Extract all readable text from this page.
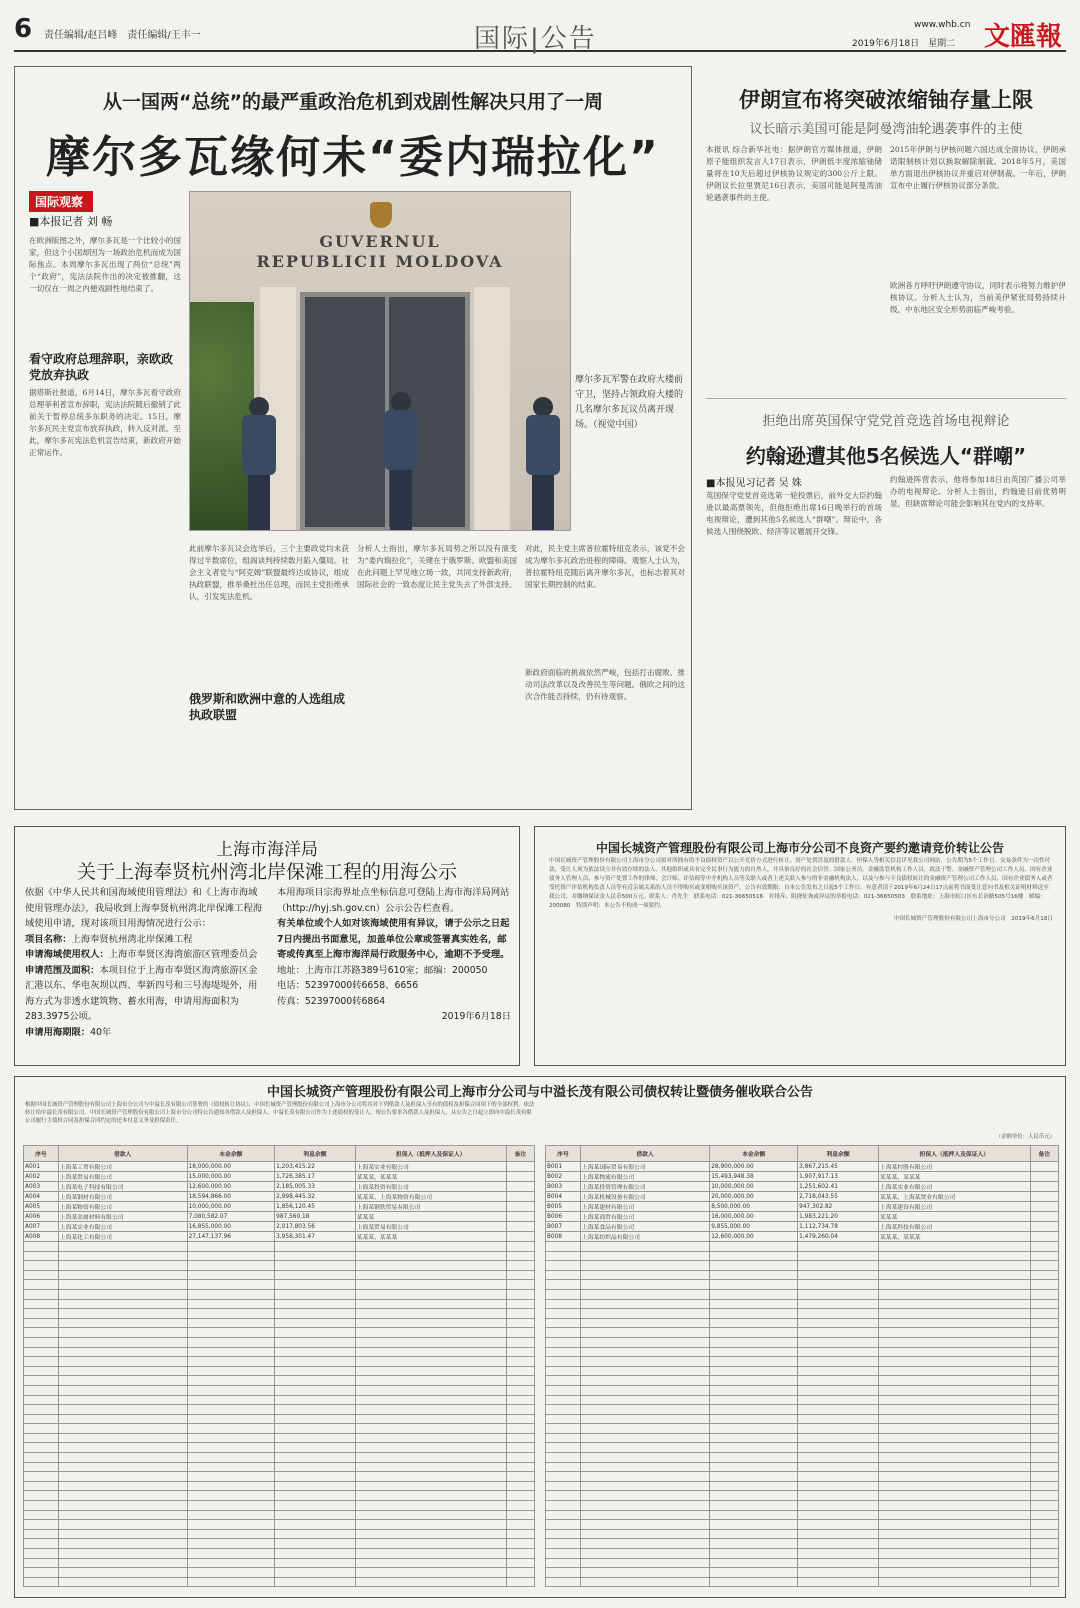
6 责任编辑/赵吕峰　责任编辑/王丰一	国际|公告	www.whb.cn
2019年6月18日　星期二 文匯報
从一国两“总统”的最严重政治危机到戏剧性解决只用了一周
摩尔多瓦缘何未“委内瑞拉化”
国际观察
■本报记者 刘 畅
GUVERNUL REPUBLICII MOLDOVA
摩尔多瓦军警在政府大楼前守卫，坚持占领政府大楼的几名摩尔多瓦议员离开现场。（视觉中国）
在欧洲版图之外，摩尔多瓦是一个比较小的国家，但这个小国却因为一场政治危机而成为国际焦点。本周摩尔多瓦出现了两位“总统”两个“政府”，宪法法院作出的决定被推翻，这一切仅在一周之内便戏剧性地结束了。
看守政府总理辞职，亲欧政党放弃执政
据塔斯社报道，6月14日，摩尔多瓦看守政府总理菲利普宣布辞职，宪法法院随后撤销了此前关于暂停总统多东职务的决定。15日，摩尔多瓦民主党宣布放弃执政，转入反对派。至此，摩尔多瓦宪法危机宣告结束，新政府开始正常运作。
此前摩尔多瓦议会选举后，三个主要政党均未获得过半数席位，组阁谈判持续数月陷入僵局。社会主义者党与“阿克姆”联盟最终达成协议，组成执政联盟，推举桑杜出任总理，而民主党拒绝承认，引发宪法危机。
俄罗斯和欧洲中意的人选组成执政联盟
分析人士指出，摩尔多瓦局势之所以没有演变为“委内瑞拉化”，关键在于俄罗斯、欧盟和美国在此问题上罕见地立场一致，共同支持新政府，国际社会的一致态度让民主党失去了外部支持。
对此，民主党主席普拉霍特纽克表示，该党不会成为摩尔多瓦政治进程的障碍。观察人士认为，普拉霍特纽克随后离开摩尔多瓦，也标志着其对国家长期控制的结束。
新政府面临的挑战依然严峻，包括打击腐败、推动司法改革以及改善民生等问题。俄欧之间的这次合作能否持续，仍有待观察。
伊朗宣布将突破浓缩铀存量上限
议长暗示美国可能是阿曼湾油轮遇袭事件的主使
本报讯 综合新华社电：据伊朗官方媒体报道，伊朗原子能组织发言人17日表示，伊朗低丰度浓缩铀储量将在10天后超过伊核协议规定的300公斤上限。伊朗议长拉里贾尼16日表示，美国可能是阿曼湾油轮遇袭事件的主使。
2015年伊朗与伊核问题六国达成全面协议，伊朗承诺限制核计划以换取解除制裁。2018年5月，美国单方面退出伊核协议并重启对伊制裁。一年后，伊朗宣布中止履行伊核协议部分条款。
欧洲各方呼吁伊朗遵守协议，同时表示将努力维护伊核协议。分析人士认为，当前美伊紧张局势持续升级，中东地区安全形势面临严峻考验。
拒绝出席英国保守党党首竞选首场电视辩论
约翰逊遭其他5名候选人“群嘲”
■本报见习记者 吴 姝
英国保守党党首竞选第一轮投票后，前外交大臣约翰逊以最高票领先，但他拒绝出席16日晚举行的首场电视辩论，遭到其他5名候选人“群嘲”。辩论中，各候选人围绕脱欧、经济等议题展开交锋。
约翰逊阵营表示，他将参加18日由英国广播公司举办的电视辩论。分析人士指出，约翰逊目前优势明显，但缺席辩论可能会影响其在党内的支持率。
上海市海洋局
关于上海奉贤杭州湾北岸保滩工程的用海公示

依据《中华人民共和国海域使用管理法》和《上海市海域使用管理办法》，我局收到上海奉贤杭州湾北岸保滩工程海域使用申请，现对该项目用海情况进行公示：

项目名称：上海奉贤杭州湾北岸保滩工程

申请海域使用权人：上海市奉贤区海湾旅游区管理委员会

申请范围及面积：本项目位于上海市奉贤区海湾旅游区金汇港以东、华电灰坝以西、奉新四号和三号海堤堤外，用海方式为非透水建筑物、蓄水用海，申请用海面积为283.3975公顷。

申请用海期限：40年

本用海项目宗海界址点坐标信息可登陆上海市海洋局网站（http://hyj.sh.gov.cn）公示公告栏查看。

有关单位或个人如对该海域使用有异议，请于公示之日起7日内提出书面意见，加盖单位公章或签署真实姓名，邮寄或传真至上海市海洋局行政服务中心，逾期不予受理。

地址：上海市江苏路389号610室；邮编：200050

电话：52397000转6658、6656

传真：52397000转6864

2019年6月18日

中国长城资产管理股份有限公司上海市分公司不良资产要约邀请竞价转让公告
中国长城资产管理股份有限公司上海市分公司拟对所拥有的不良债权资产以公开竞价方式进行转让。资产处置涉及的借款人、担保人等相关信息详见我公司网站，公告期为5个工作日。交易条件为一次性付款，受让人须为依法设立并有效存续的法人、其他组织或具有完全民事行为能力的自然人，并具备良好的社会信誉。国家公务员、金融监管机构工作人员、政法干警、金融资产管理公司工作人员、国有企业债务人管理人员、参与资产处置工作的律师、会计师、评估师等中介机构人员等关联人或者上述关联人参与的非金融机构法人，以及与参与不良债权转让的金融资产管理公司工作人员、国有企业债务人或者受托资产评估机构负责人员等有近亲属关系的人员不得购买或变相购买该资产。公告有效期限：自本公告发布之日起5个工作日。有意者请于2019年6月24日17点前将书面受让意向书及相关证明材料送至我公司，并缴纳保证金人民币500万元。联系人：肖先生　联系电话：021-36650516　对排斥、阻挠征询或异议的举报电话：021-36650503　联系地址：上海市虹口区东长治路505号16楼　邮编：200080　特别声明：本公告不构成一项要约。

中国长城资产管理股份有限公司上海市分公司　2019年6月18日
中国长城资产管理股份有限公司上海市分公司与中溢长茂有限公司债权转让暨债务催收联合公告
根据中国长城资产管理股份有限公司上海市分公司与中溢长茂有限公司签署的《债权转让协议》，中国长城资产管理股份有限公司上海市分公司将其对下列借款人及担保人享有的债权及担保合同项下的全部权利，依法转让给中溢长茂有限公司。中国长城资产管理股份有限公司上海市分公司特公告通知各借款人及担保人。中溢长茂有限公司作为上述债权的受让人，现公告要求各借款人及担保人，从公告之日起立即向中溢长茂有限公司履行主债权合同及担保合同约定的还本付息义务及担保责任。
（金额单位：人民币元）
序号	借款人	本金余额	利息余额	担保人（抵押人及保证人）	备注
A001	上海某工贸有限公司	18,000,000.00	1,203,415.22	上海某实业有限公司	
A002	上海某贸易有限公司	15,000,000.00	1,726,385.17	某某某、某某某	
A003	上海某电子科技有限公司	12,600,000.00	2,185,005.33	上海某投资有限公司	
A004	上海某钢材有限公司	18,594,866.00	2,998,445.32	某某某、上海某物资有限公司	
A005	上海某物资有限公司	10,000,000.00	1,856,120.45	上海某钢铁贸易有限公司	
A006	上海某金属材料有限公司	7,080,582.07	987,560.18	某某某	
A007	上海某实业有限公司	16,855,000.00	2,017,803.56	上海某贸易有限公司	
A008	上海某化工有限公司	27,147,137.96	3,958,301.47	某某某、某某某	

序号	借款人	本金余额	利息余额	担保人（抵押人及保证人）	备注
B001	上海某国际贸易有限公司	28,900,000.00	3,867,215.45	上海某控股有限公司	
B002	上海某物流有限公司	15,493,948.38	1,907,917.13	某某某、某某某	
B003	上海某投资管理有限公司	10,000,000.00	1,251,602.41	上海某实业有限公司	
B004	上海某机械设备有限公司	20,000,000.00	2,718,043.55	某某某、上海某置业有限公司	
B005	上海某建材有限公司	8,500,000.00	947,302.82	上海某建设有限公司	
B006	上海某商贸有限公司	16,000,000.00	1,983,221.20	某某某	
B007	上海某食品有限公司	9,855,000.00	1,112,734.78	上海某科技有限公司	
B008	上海某纺织品有限公司	12,600,000.00	1,479,260.04	某某某、某某某	
